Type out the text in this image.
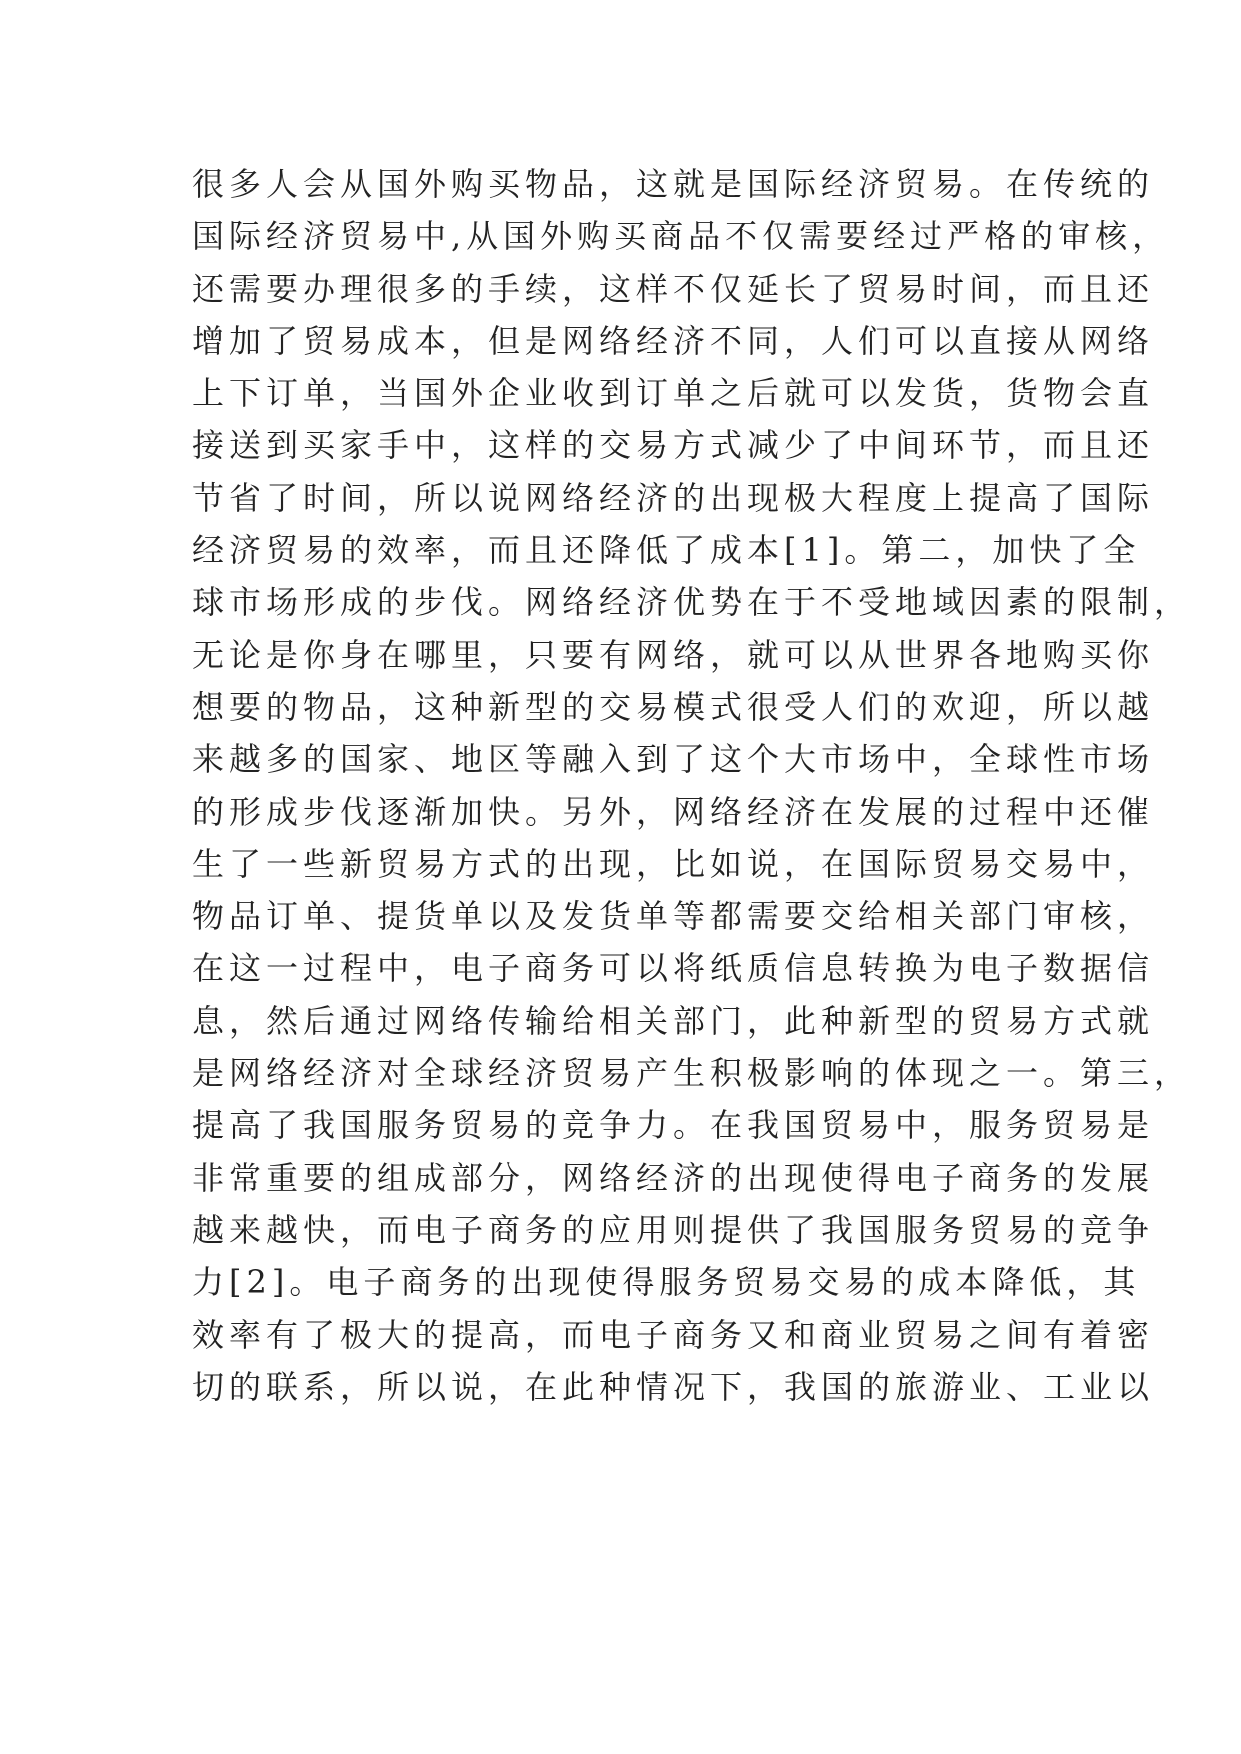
很多人会从国外购买物品，这就是国际经济贸易。在传统的
国际经济贸易中,从国外购买商品不仅需要经过严格的审核，
还需要办理很多的手续，这样不仅延长了贸易时间，而且还
增加了贸易成本，但是网络经济不同，人们可以直接从网络
上下订单，当国外企业收到订单之后就可以发货，货物会直
接送到买家手中，这样的交易方式减少了中间环节，而且还
节省了时间，所以说网络经济的出现极大程度上提高了国际
经济贸易的效率，而且还降低了成本[1]。第二，加快了全
球市场形成的步伐。网络经济优势在于不受地域因素的限制，
无论是你身在哪里，只要有网络，就可以从世界各地购买你
想要的物品，这种新型的交易模式很受人们的欢迎，所以越
来越多的国家、地区等融入到了这个大市场中，全球性市场
的形成步伐逐渐加快。另外，网络经济在发展的过程中还催
生了一些新贸易方式的出现，比如说，在国际贸易交易中，
物品订单、提货单以及发货单等都需要交给相关部门审核，
在这一过程中，电子商务可以将纸质信息转换为电子数据信
息，然后通过网络传输给相关部门，此种新型的贸易方式就
是网络经济对全球经济贸易产生积极影响的体现之一。第三，
提高了我国服务贸易的竞争力。在我国贸易中，服务贸易是
非常重要的组成部分，网络经济的出现使得电子商务的发展
越来越快，而电子商务的应用则提供了我国服务贸易的竞争
力[2]。电子商务的出现使得服务贸易交易的成本降低，其
效率有了极大的提高，而电子商务又和商业贸易之间有着密
切的联系，所以说，在此种情况下，我国的旅游业、工业以
